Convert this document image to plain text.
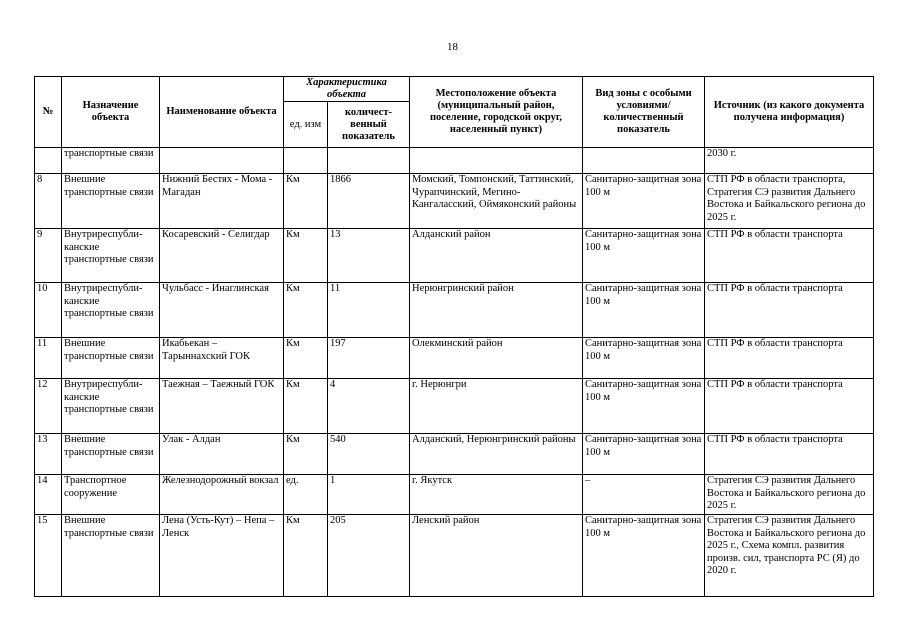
18
№	Назначение объекта	Наименование объекта	Характеристика объекта		Местоположение объекта (муниципальный район, поселение, городской округ, населенный пункт)	Вид зоны с особыми условиями/ количественный показатель	Источник (из какого документа получена информация)
			ед. изм	количест-венный показатель			
	транспортные связи						2030 г.
8	Внешние транспортные связи	Нижний Бестях - Мома - Магадан	Км	1866	Момский, Томпонский, Таттинский, Чурапчинский, Мегино-Кангаласский, Оймяконский районы	Санитарно-защитная зона 100 м	СТП РФ в области транспорта, Стратегия СЭ развития Дальнего Востока и Байкальского региона до 2025 г.
9	Внутриреспубли-канские транспортные связи	Косаревский - Селигдар	Км	13	Алданский район	Санитарно-защитная зона 100 м	СТП РФ в области транспорта
10	Внутриреспубли-канские транспортные связи	Чульбасс - Инаглинская	Км	11	Нерюнгринский район	Санитарно-защитная зона 100 м	СТП РФ в области транспорта
11	Внешние транспортные связи	Икабьекан – Тарыннахский ГОК	Км	197	Олекминский район	Санитарно-защитная зона 100 м	СТП РФ в области транспорта
12	Внутриреспубли-канские транспортные связи	Таежная – Таежный ГОК	Км	4	г. Нерюнгри	Санитарно-защитная зона 100 м	СТП РФ в области транспорта
13	Внешние транспортные связи	Улак - Алдан	Км	540	Алданский, Нерюнгринский районы	Санитарно-защитная зона 100 м	СТП РФ в области транспорта
14	Транспортное сооружение	Железнодорожный вокзал	ед.	1	г. Якутск	–	Стратегия СЭ развития Дальнего Востока и Байкальского региона до 2025 г.
15	Внешние транспортные связи	Лена (Усть-Кут) – Непа – Ленск	Км	205	Ленский район	Санитарно-защитная зона 100 м	Стратегия СЭ развития Дальнего Востока и Байкальского региона до 2025 г., Схема компл. развития произв. сил, транспорта РС (Я) до 2020 г.
